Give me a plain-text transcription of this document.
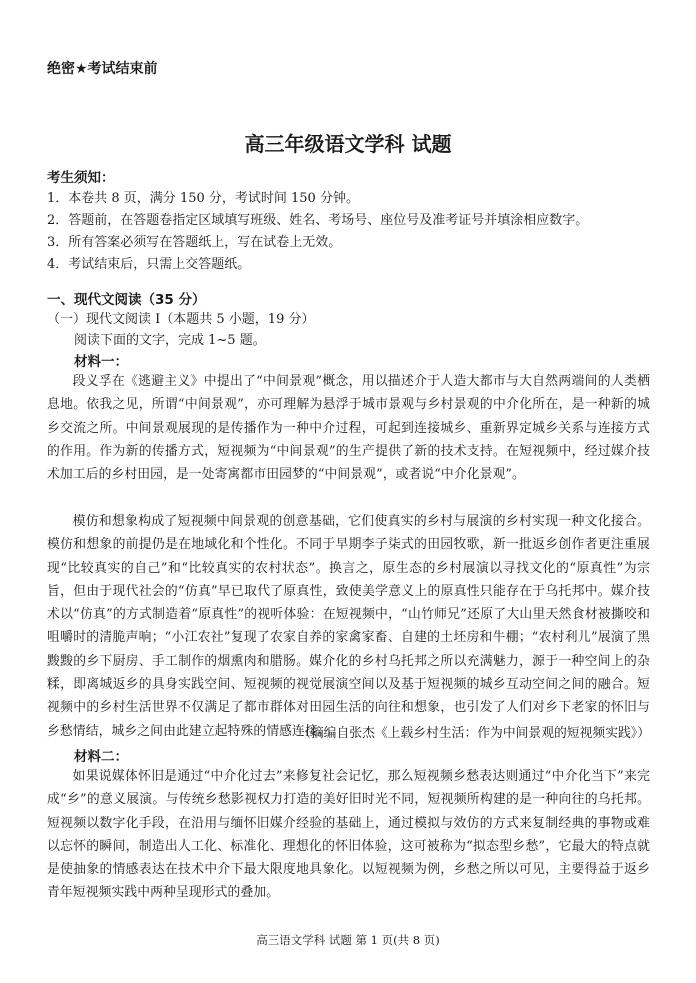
绝密★考试结束前
高三年级语文学科 试题
考生须知：
1．本卷共 8 页，满分 150 分，考试时间 150 分钟。
2．答题前，在答题卷指定区域填写班级、姓名、考场号、座位号及准考证号并填涂相应数字。
3．所有答案必须写在答题纸上，写在试卷上无效。
4．考试结束后，只需上交答题纸。
一、现代文阅读（35 分）
（一）现代文阅读 I（本题共 5 小题，19 分）
阅读下面的文字，完成 1~5 题。
材料一：

段义孚在《逃避主义》中提出了“中间景观”概念，用以描述介于人造大都市与大自然两端间的人类栖息地。依我之见，所谓“中间景观”，亦可理解为悬浮于城市景观与乡村景观的中介化所在，是一种新的城乡交流之所。中间景观展现的是传播作为一种中介过程，可起到连接城乡、重新界定城乡关系与连接方式的作用。作为新的传播方式，短视频为“中间景观”的生产提供了新的技术支持。在短视频中，经过媒介技术加工后的乡村田园，是一处寄寓都市田园梦的“中间景观”，或者说“中介化景观”。

模仿和想象构成了短视频中间景观的创意基础，它们使真实的乡村与展演的乡村实现一种文化接合。模仿和想象的前提仍是在地域化和个性化。不同于早期李子柒式的田园牧歌，新一批返乡创作者更注重展现“比较真实的自己”和“比较真实的农村状态”。换言之，原生态的乡村展演以寻找文化的“原真性”为宗旨，但由于现代社会的“仿真”早已取代了原真性，致使美学意义上的原真性只能存在于乌托邦中。媒介技术以“仿真”的方式制造着“原真性”的视听体验：在短视频中，“山竹师兄”还原了大山里天然食材被撕咬和咀嚼时的清脆声响；“小江农社”复现了农家自养的家禽家畜、自建的土坯房和牛棚；“农村利儿”展演了黑黢黢的乡下厨房、手工制作的烟熏肉和腊肠。媒介化的乡村乌托邦之所以充满魅力，源于一种空间上的杂糅，即离城返乡的具身实践空间、短视频的视觉展演空间以及基于短视频的城乡互动空间之间的融合。短视频中的乡村生活世界不仅满足了都市群体对田园生活的向往和想象，也引发了人们对乡下老家的怀旧与乡愁情结，城乡之间由此建立起特殊的情感连接。

（摘编自张杰《上载乡村生活：作为中间景观的短视频实践》）
材料二：

如果说媒体怀旧是通过“中介化过去”来修复社会记忆，那么短视频乡愁表达则通过“中介化当下”来完成“乡”的意义展演。与传统乡愁影视权力打造的美好旧时光不同，短视频所构建的是一种向往的乌托邦。短视频以数字化手段，在沿用与缅怀旧媒介经验的基础上，通过模拟与效仿的方式来复制经典的事物或难以忘怀的瞬间，制造出人工化、标准化、理想化的怀旧体验，这可被称为“拟态型乡愁”，它最大的特点就是使抽象的情感表达在技术中介下最大限度地具象化。以短视频为例，乡愁之所以可见，主要得益于返乡青年短视频实践中两种呈现形式的叠加。

高三语文学科 试题 第 1 页(共 8 页)
